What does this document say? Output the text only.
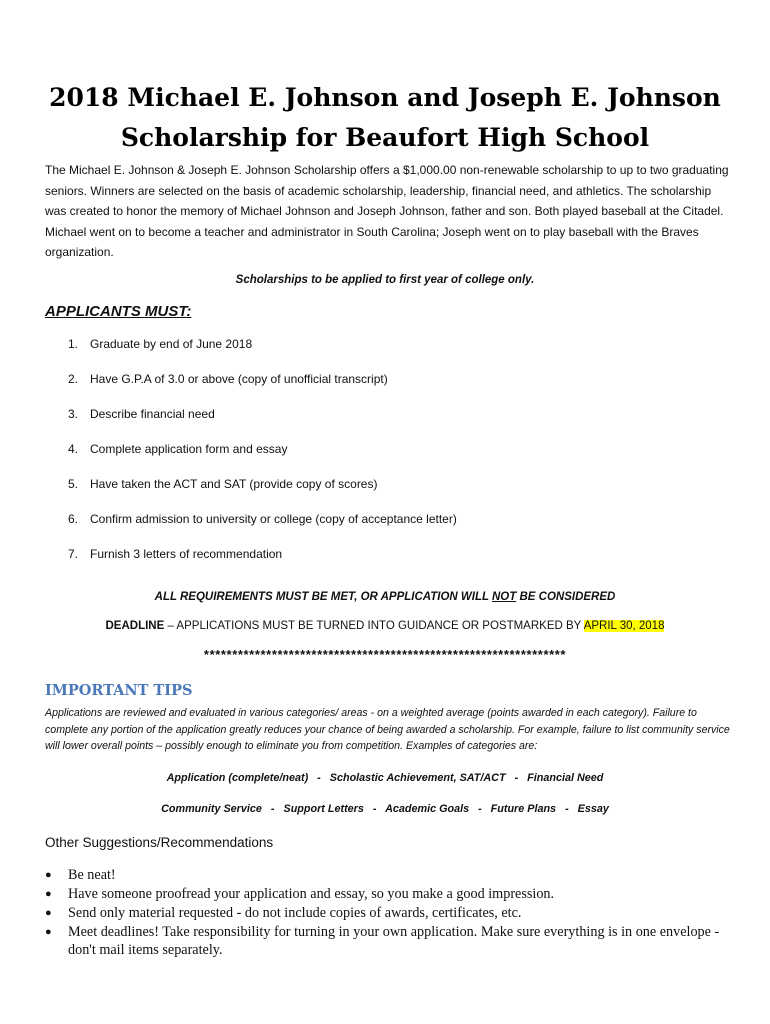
2018 Michael E. Johnson and Joseph E. Johnson
Scholarship for Beaufort High School
The Michael E. Johnson & Joseph E. Johnson Scholarship offers a $1,000.00 non-renewable scholarship to up to two graduating seniors. Winners are selected on the basis of academic scholarship, leadership, financial need, and athletics. The scholarship was created to honor the memory of Michael Johnson and Joseph Johnson, father and son. Both played baseball at the Citadel. Michael went on to become a teacher and administrator in South Carolina; Joseph went on to play baseball with the Braves organization.
Scholarships to be applied to first year of college only.
APPLICANTS MUST:
1. Graduate by end of June 2018
2. Have G.P.A of 3.0 or above (copy of unofficial transcript)
3. Describe financial need
4. Complete application form and essay
5. Have taken the ACT and SAT (provide copy of scores)
6. Confirm admission to university or college (copy of acceptance letter)
7. Furnish 3 letters of recommendation
ALL REQUIREMENTS MUST BE MET, OR APPLICATION WILL NOT BE CONSIDERED
DEADLINE – APPLICATIONS MUST BE TURNED INTO GUIDANCE OR POSTMARKED BY APRIL 30, 2018
****************************************************************
IMPORTANT TIPS
Applications are reviewed and evaluated in various categories/ areas - on a weighted average (points awarded in each category). Failure to complete any portion of the application greatly reduces your chance of being awarded a scholarship. For example, failure to list community service will lower overall points – possibly enough to eliminate you from competition. Examples of categories are:
Application (complete/neat)   -   Scholastic Achievement, SAT/ACT   -   Financial Need
Community Service   -   Support Letters   -   Academic Goals   -   Future Plans   -   Essay
Other Suggestions/Recommendations
●	Be neat!
●	Have someone proofread your application and essay, so you make a good impression.
●	Send only material requested - do not include copies of awards, certificates, etc.
●	Meet deadlines! Take responsibility for turning in your own application. Make sure everything is in one envelope - don't mail items separately.
